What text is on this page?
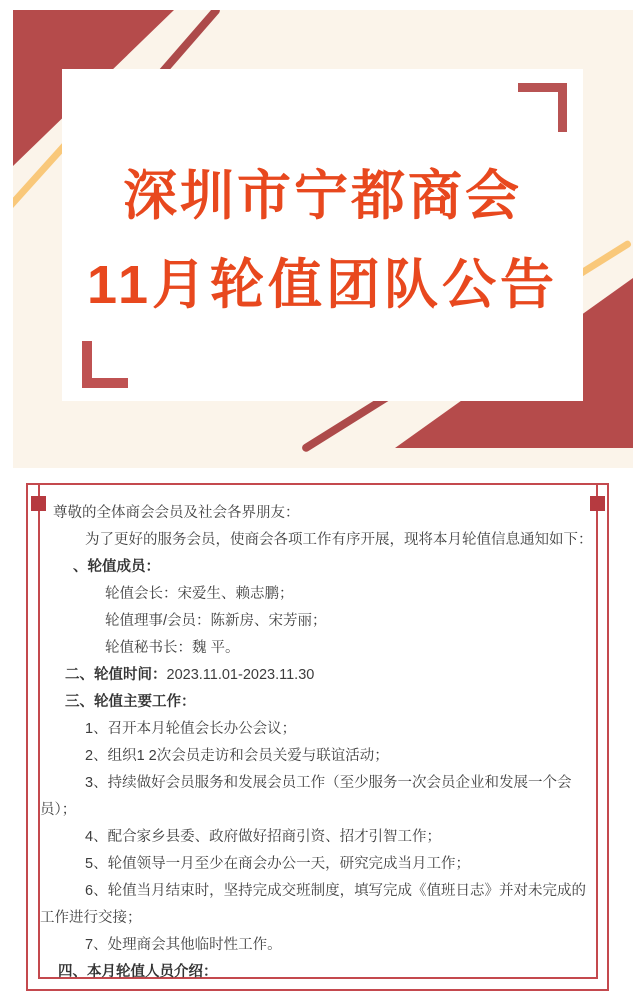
深圳市宁都商会
11月轮值团队公告

尊敬的全体商会会员及社会各界朋友：

为了更好的服务会员，使商会各项工作有序开展，现将本月轮值信息通知如下：

、轮值成员：

轮值会长：宋爱生、赖志鹏；

轮值理事/会员：陈新房、宋芳丽；

轮值秘书长：魏 平。

二、轮值时间：2023.11.01-2023.11.30

三、轮值主要工作：

1、召开本月轮值会长办公会议；

2、组织1 2次会员走访和会员关爱与联谊活动；

3、持续做好会员服务和发展会员工作（至少服务一次会员企业和发展一个会员）；

4、配合家乡县委、政府做好招商引资、招才引智工作；

5、轮值领导一月至少在商会办公一天，研究完成当月工作；

6、轮值当月结束时，坚持完成交班制度，填写完成《值班日志》并对未完成的工作进行交接；

7、处理商会其他临时性工作。

四、本月轮值人员介绍：
